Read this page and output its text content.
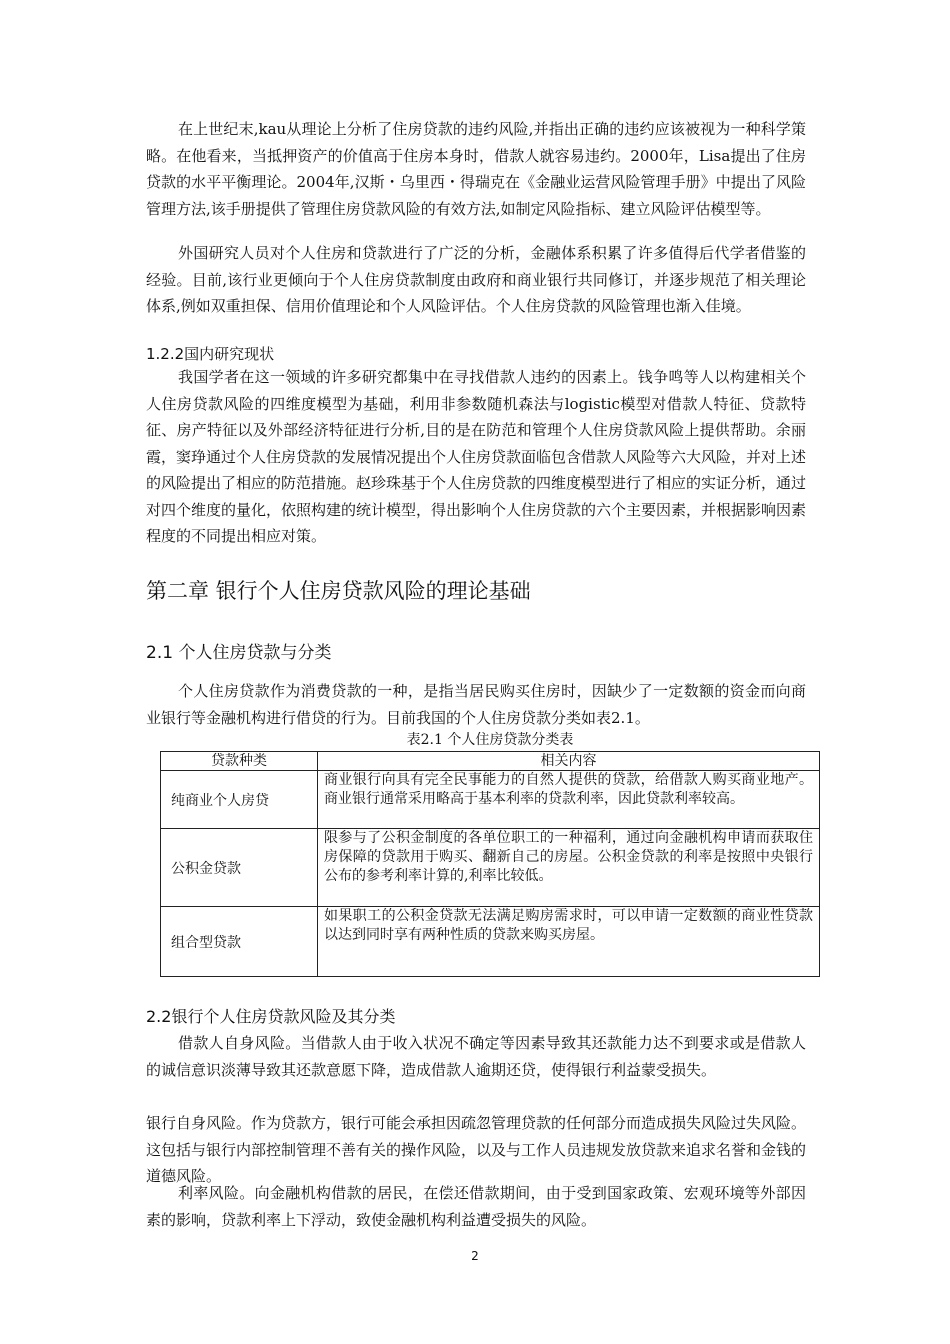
在上世纪末,kau从理论上分析了住房贷款的违约风险,并指出正确的违约应该被视为一种科学策略。在他看来，当抵押资产的价值高于住房本身时，借款人就容易违约。2000年，Lisa提出了住房贷款的水平平衡理论。2004年,汉斯・乌里西・得瑞克在《金融业运营风险管理手册》中提出了风险管理方法,该手册提供了管理住房贷款风险的有效方法,如制定风险指标、建立风险评估模型等。

外国研究人员对个人住房和贷款进行了广泛的分析，金融体系积累了许多值得后代学者借鉴的经验。目前,该行业更倾向于个人住房贷款制度由政府和商业银行共同修订，并逐步规范了相关理论体系,例如双重担保、信用价值理论和个人风险评估。个人住房贷款的风险管理也渐入佳境。

1.2.2国内研究现状

我国学者在这一领域的许多研究都集中在寻找借款人违约的因素上。钱争鸣等人以构建相关个人住房贷款风险的四维度模型为基础，利用非参数随机森法与logistic模型对借款人特征、贷款特征、房产特征以及外部经济特征进行分析,目的是在防范和管理个人住房贷款风险上提供帮助。余丽霞，窦琤通过个人住房贷款的发展情况提出个人住房贷款面临包含借款人风险等六大风险，并对上述的风险提出了相应的防范措施。赵珍珠基于个人住房贷款的四维度模型进行了相应的实证分析，通过对四个维度的量化，依照构建的统计模型，得出影响个人住房贷款的六个主要因素，并根据影响因素程度的不同提出相应对策。

第二章 银行个人住房贷款风险的理论基础
2.1 个人住房贷款与分类

个人住房贷款作为消费贷款的一种，是指当居民购买住房时，因缺少了一定数额的资金而向商业银行等金融机构进行借贷的行为。目前我国的个人住房贷款分类如表2.1。

表2.1 个人住房贷款分类表

贷款种类	相关内容
纯商业个人房贷	商业银行向具有完全民事能力的自然人提供的贷款，给借款人购买商业地产。商业银行通常采用略高于基本利率的贷款利率，因此贷款利率较高。
公积金贷款	限参与了公积金制度的各单位职工的一种福利，通过向金融机构申请而获取住房保障的贷款用于购买、翻新自己的房屋。公积金贷款的利率是按照中央银行公布的参考利率计算的,利率比较低。
组合型贷款	如果职工的公积金贷款无法满足购房需求时，可以申请一定数额的商业性贷款以达到同时享有两种性质的贷款来购买房屋。

2.2银行个人住房贷款风险及其分类

借款人自身风险。当借款人由于收入状况不确定等因素导致其还款能力达不到要求或是借款人的诚信意识淡薄导致其还款意愿下降，造成借款人逾期还贷，使得银行利益蒙受损失。

银行自身风险。作为贷款方，银行可能会承担因疏忽管理贷款的任何部分而造成损失风险过失风险。这包括与银行内部控制管理不善有关的操作风险，以及与工作人员违规发放贷款来追求名誉和金钱的道德风险。

利率风险。向金融机构借款的居民，在偿还借款期间，由于受到国家政策、宏观环境等外部因素的影响，贷款利率上下浮动，致使金融机构利益遭受损失的风险。

2
